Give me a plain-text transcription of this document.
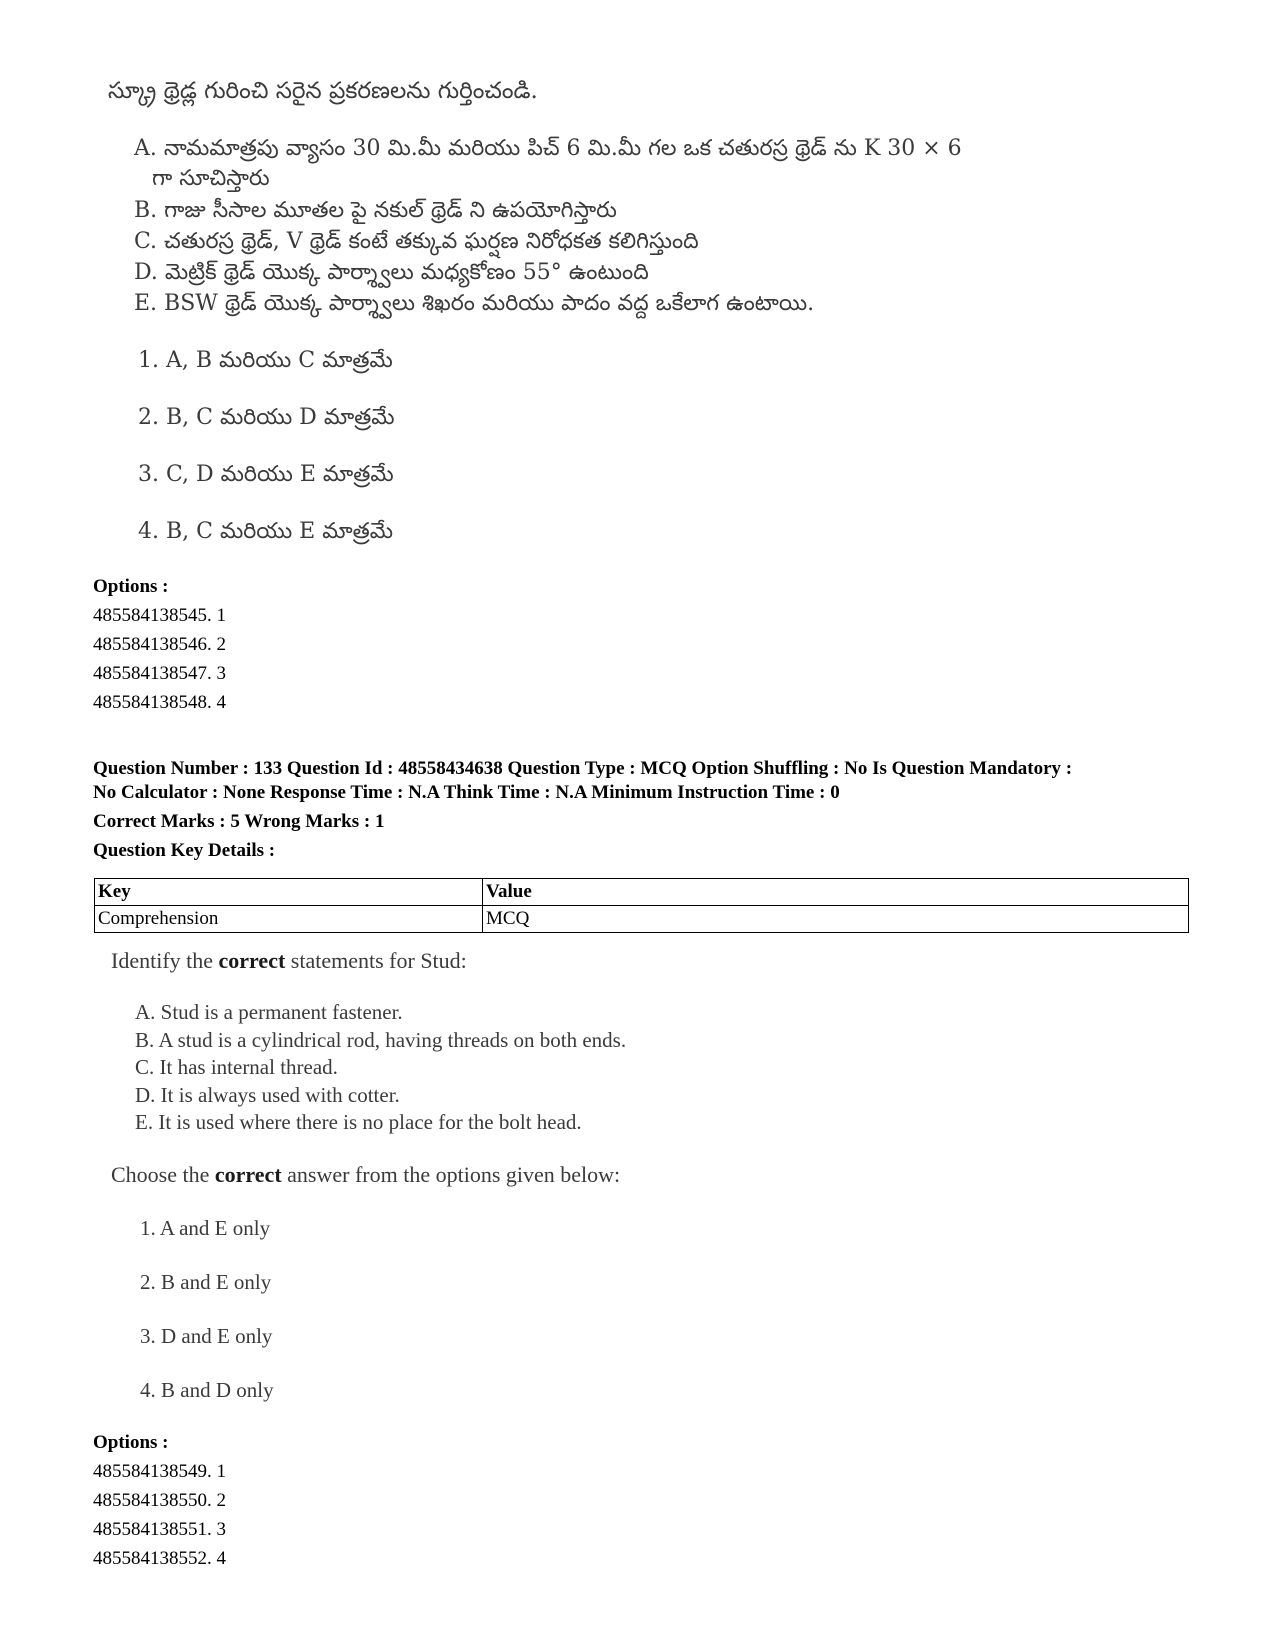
స్క్రూ థ్రెడ్ల గురించి సరైన ప్రకరణలను గుర్తించండి.
A. నామమాత్రపు వ్యాసం 30 మి.మీ మరియు పిచ్ 6 మి.మీ గల ఒక చతురస్ర థ్రెడ్ ను K 30 × 6
గా సూచిస్తారు
B. గాజు సీసాల మూతల పై నకుల్ థ్రెడ్ ని ఉపయోగిస్తారు
C. చతురస్ర థ్రెడ్, V థ్రెడ్ కంటే తక్కువ ఘర్షణ నిరోధకత కలిగిస్తుంది
D. మెట్రిక్ థ్రెడ్ యొక్క పార్శ్వాలు మధ్యకోణం 55° ఉంటుంది
E. BSW థ్రెడ్ యొక్క పార్శ్వాలు శిఖరం మరియు పాదం వద్ద ఒకేలాగ ఉంటాయి.
1. A, B మరియు C మాత్రమే
2. B, C మరియు D మాత్రమే
3. C, D మరియు E మాత్రమే
4. B, C మరియు E మాత్రమే
Options :
485584138545. 1
485584138546. 2
485584138547. 3
485584138548. 4
Question Number : 133 Question Id : 48558434638 Question Type : MCQ Option Shuffling : No Is Question Mandatory :
No Calculator : None Response Time : N.A Think Time : N.A Minimum Instruction Time : 0
Correct Marks : 5 Wrong Marks : 1
Question Key Details :
Key	Value
Comprehension	MCQ
Identify the correct statements for Stud:
A. Stud is a permanent fastener.
B. A stud is a cylindrical rod, having threads on both ends.
C. It has internal thread.
D. It is always used with cotter.
E. It is used where there is no place for the bolt head.
Choose the correct answer from the options given below:
1. A and E only
2. B and E only
3. D and E only
4. B and D only
Options :
485584138549. 1
485584138550. 2
485584138551. 3
485584138552. 4
